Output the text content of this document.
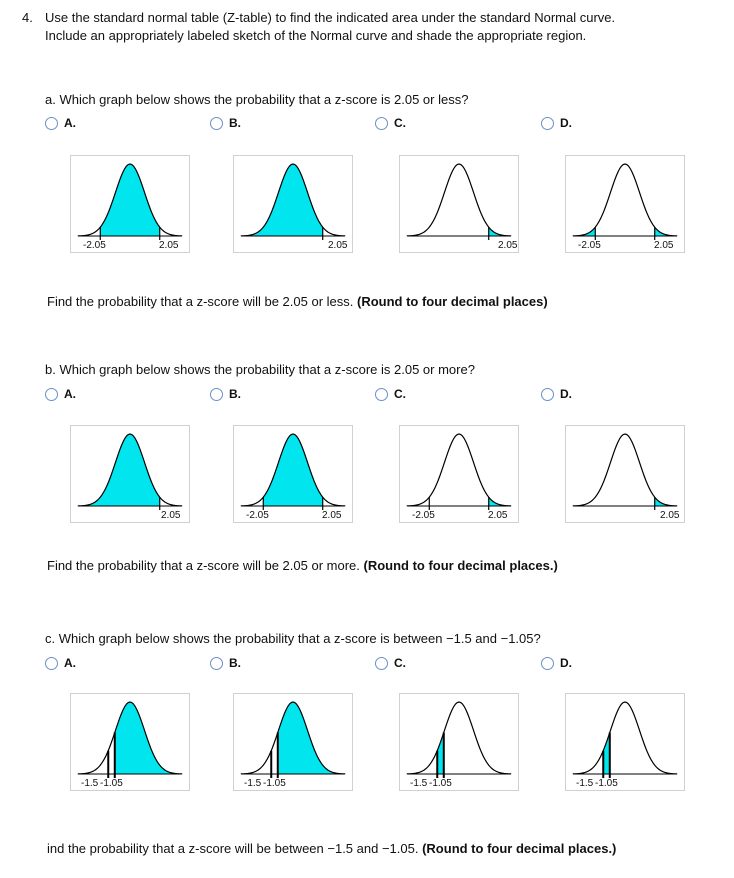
4. Use the standard normal table (Z-table) to find the indicated area under the standard Normal curve.
Include an appropriately labeled sketch of the Normal curve and shade the appropriate region.
a. Which graph below shows the probability that a z-score is 2.05 or less?
A.
-2.05	2.05
B.
2.05
C.
2.05
D.
-2.05	2.05
Find the probability that a z-score will be 2.05 or less. (Round to four decimal places)
b. Which graph below shows the probability that a z-score is 2.05 or more?
A.
2.05
B.
-2.05	2.05
C.
-2.05	2.05
D.
2.05
Find the probability that a z-score will be 2.05 or more. (Round to four decimal places.)
c. Which graph below shows the probability that a z-score is between −1.5 and −1.05?
A.
-1.5 -1.05
B.
-1.5 -1.05
C.
-1.5 -1.05
D.
-1.5 -1.05
ind the probability that a z-score will be between −1.5 and −1.05. (Round to four decimal places.)
